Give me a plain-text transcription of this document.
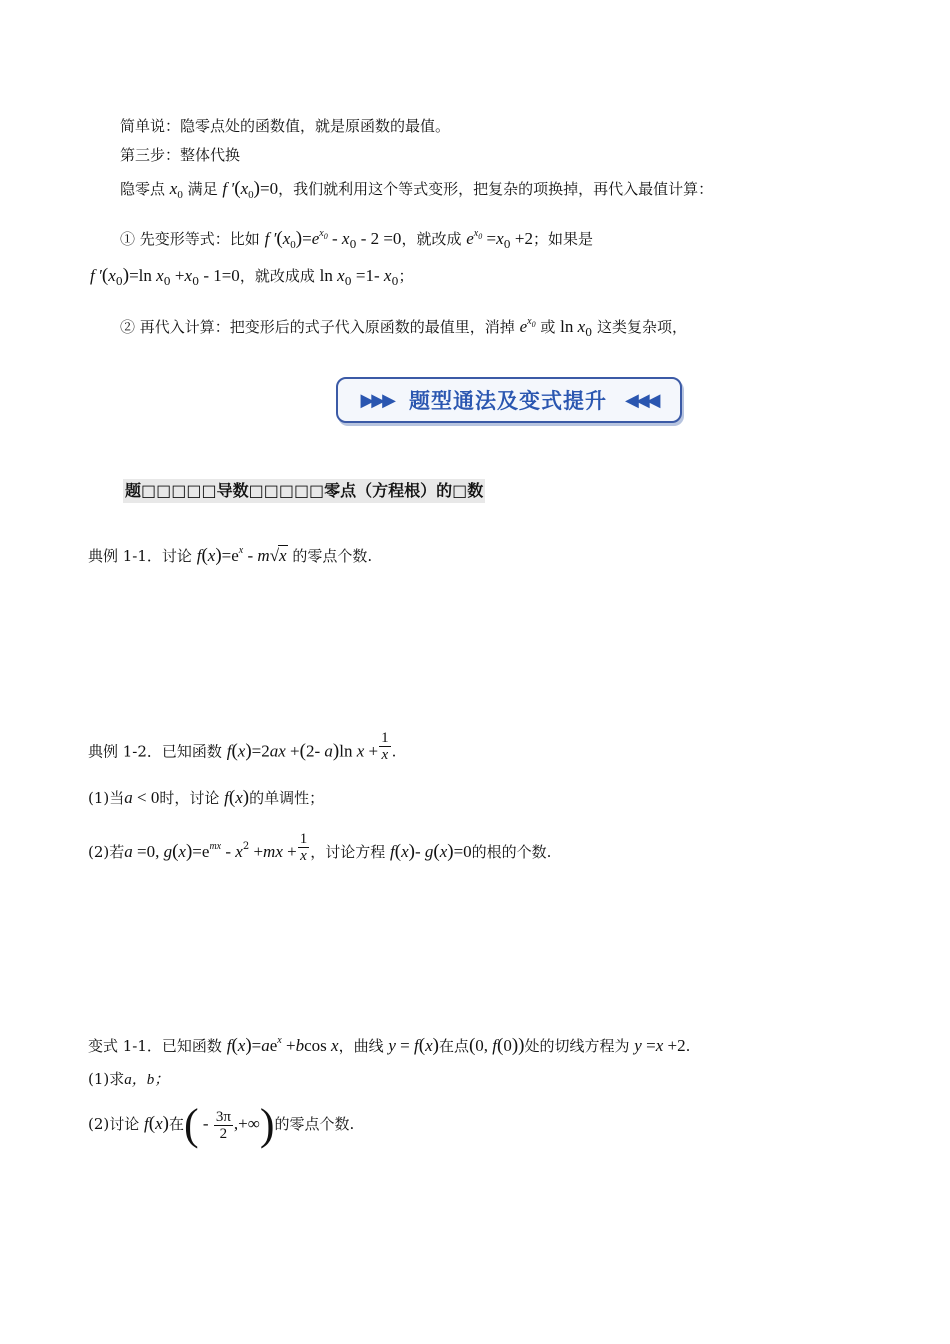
简单说：隐零点处的函数值，就是原函数的最值。
第三步：整体代换
隐零点 $x_0$ 满足 f $'(x_0)=0$，我们就利用这个等式变形，把复杂的项换掉，再代入最值计算：
① 先变形等式：比如 f $'(x_0)=e^{x_0} - x_0 - 2 =0$，就改成 $e^{x_0} =x_0 +2$；如果是
f $'(x_0)=\ln$ $x_0 +x_0 - 1=0$，就改成成 $\ln x_0 =1-$ $x_0$；
② 再代入计算：把变形后的式子代入原函数的最值里，消掉 $e^{x_0}$ 或 $\ln x_0$ 这类复杂项，
▶▶▶ 题型通法及变式提升 ◀◀◀
题□□□□□导数□□□□□零点（方程根）的□数
典例 1-1．讨论 $f(x)=e^x - m√x$ 的零点个数.
典例 1-2．已知函数 f(x)=2ax +(2- a)ln $x + \frac{1}{x}$ .
(1)当a < 0时，讨论 f(x)的单调性；
(2)若a =0, $g(x)=e^{mx} - x^2 +mx + \frac{1}{x}$ ，讨论方程 f(x)- g(x)=0的根的个数.
变式 1-1．已知函数 $f(x)=ae^x +bcos$ x，曲线 y = f(x)在点(0, f(0))处的切线方程为 y =x +2.
(1)求a，b；
(2)讨论 f(x)在( - $\frac{3\pi}{2}$ ,+∞)的零点个数.
